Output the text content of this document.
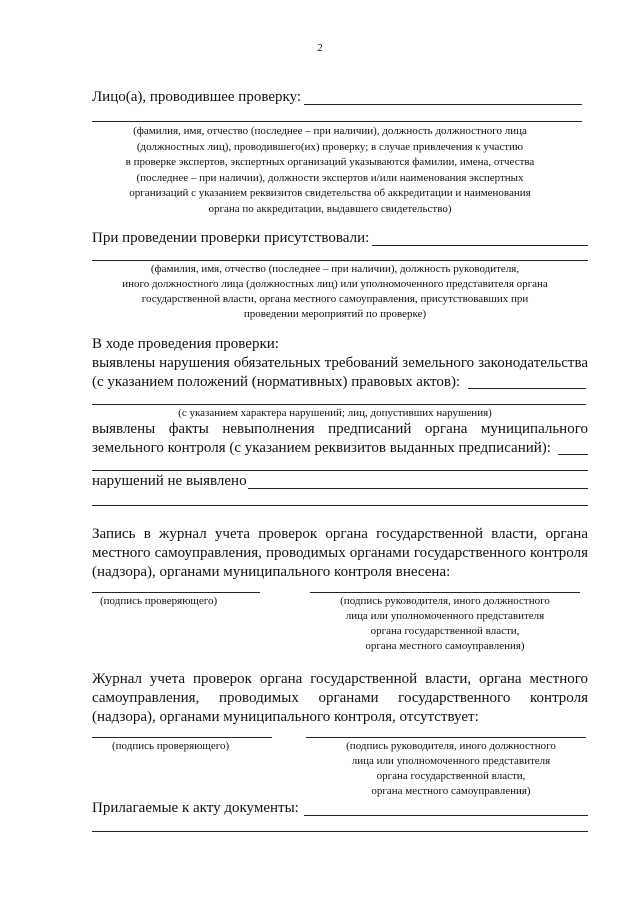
2
Лицо(а), проводившее проверку:
(фамилия, имя, отчество (последнее – при наличии), должность должностного лица
(должностных лиц), проводившего(их) проверку; в случае привлечения к участию
в проверке экспертов, экспертных организаций указываются фамилии, имена, отчества
(последнее – при наличии), должности экспертов и/или наименования экспертных
организаций с указанием реквизитов свидетельства об аккредитации и наименования
органа по аккредитации, выдавшего свидетельство)
При проведении проверки присутствовали:
(фамилия, имя, отчество (последнее – при наличии), должность руководителя,
иного должностного лица (должностных лиц) или уполномоченного представителя органа
государственной власти, органа местного самоуправления, присутствовавших при
проведении мероприятий по проверке)
В ходе проведения проверки:
выявлены нарушения обязательных требований земельного законодательства
(с указанием положений (нормативных) правовых актов):
(с указанием характера нарушений; лиц, допустивших нарушения)
выявлены факты невыполнения предписаний органа муниципального
земельного контроля (с указанием реквизитов выданных предписаний):
нарушений не выявлено
Запись в журнал учета проверок органа государственной власти, органа
местного самоуправления, проводимых органами государственного контроля
(надзора), органами муниципального контроля внесена:
(подпись проверяющего)	(подпись руководителя, иного должностного
лица или уполномоченного представителя
органа государственной власти,
органа местного самоуправления)
Журнал учета проверок органа государственной власти, органа местного
самоуправления, проводимых органами государственного контроля
(надзора), органами муниципального контроля, отсутствует:
(подпись проверяющего)	(подпись руководителя, иного должностного
лица или уполномоченного представителя
органа государственной власти,
органа местного самоуправления)
Прилагаемые к акту документы:
